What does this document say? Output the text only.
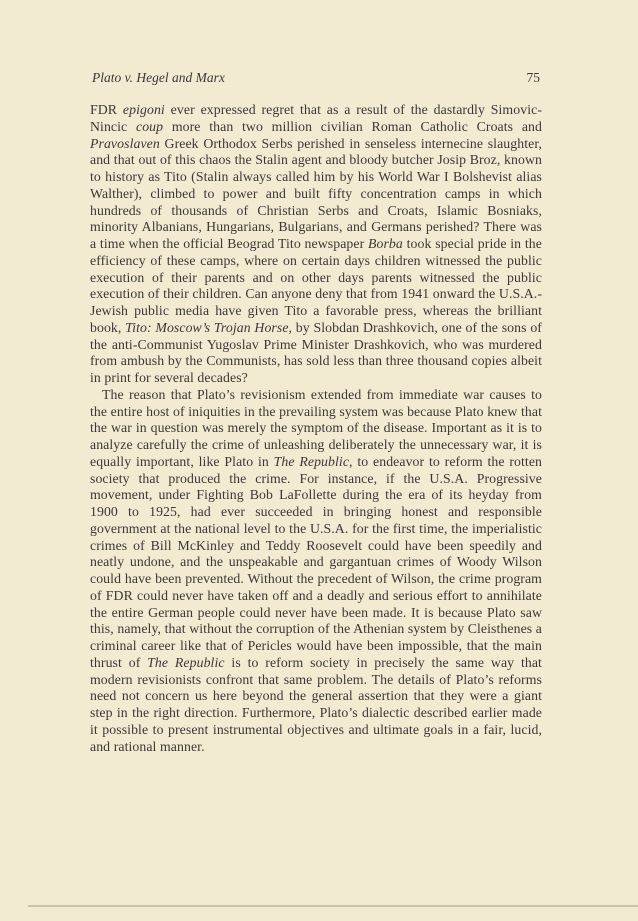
Plato v. Hegel and Marx	75

FDR epigoni ever expressed regret that as a result of the dastardly Simovic-Nincic coup more than two million civilian Roman Catholic Croats and Pravoslaven Greek Orthodox Serbs perished in senseless internecine slaughter, and that out of this chaos the Stalin agent and bloody butcher Josip Broz, known to history as Tito (Stalin always called him by his World War I Bolshevist alias Walther), climbed to power and built fifty concentration camps in which hundreds of thousands of Christian Serbs and Croats, Islamic Bosniaks, minority Albanians, Hungarians, Bulgarians, and Germans perished? There was a time when the official Beograd Tito newspaper Borba took special pride in the efficiency of these camps, where on certain days children witnessed the public execution of their parents and on other days parents witnessed the public execution of their children. Can anyone deny that from 1941 onward the U.S.A.-Jewish public media have given Tito a favorable press, whereas the brilliant book, Tito: Moscow’s Trojan Horse, by Slobdan Drashkovich, one of the sons of the anti-Communist Yugoslav Prime Minister Drashkovich, who was murdered from ambush by the Communists, has sold less than three thousand copies albeit in print for several decades?

The reason that Plato’s revisionism extended from immediate war causes to the entire host of iniquities in the prevailing system was because Plato knew that the war in question was merely the symptom of the disease. Important as it is to analyze carefully the crime of unleashing deliberately the unnecessary war, it is equally important, like Plato in The Republic, to endeavor to reform the rotten society that produced the crime. For instance, if the U.S.A. Progressive movement, under Fighting Bob LaFollette during the era of its heyday from 1900 to 1925, had ever succeeded in bringing honest and responsible government at the national level to the U.S.A. for the first time, the imperialistic crimes of Bill McKinley and Teddy Roosevelt could have been speedily and neatly undone, and the unspeakable and gargantuan crimes of Woody Wilson could have been prevented. Without the precedent of Wilson, the crime program of FDR could never have taken off and a deadly and serious effort to annihilate the entire German people could never have been made. It is because Plato saw this, namely, that without the corruption of the Athenian system by Cleisthenes a criminal career like that of Pericles would have been impossible, that the main thrust of The Republic is to reform society in precisely the same way that modern revisionists confront that same problem. The details of Plato’s reforms need not concern us here beyond the general assertion that they were a giant step in the right direction. Furthermore, Plato’s dialectic described earlier made it possible to present instrumental objectives and ultimate goals in a fair, lucid, and rational manner.
